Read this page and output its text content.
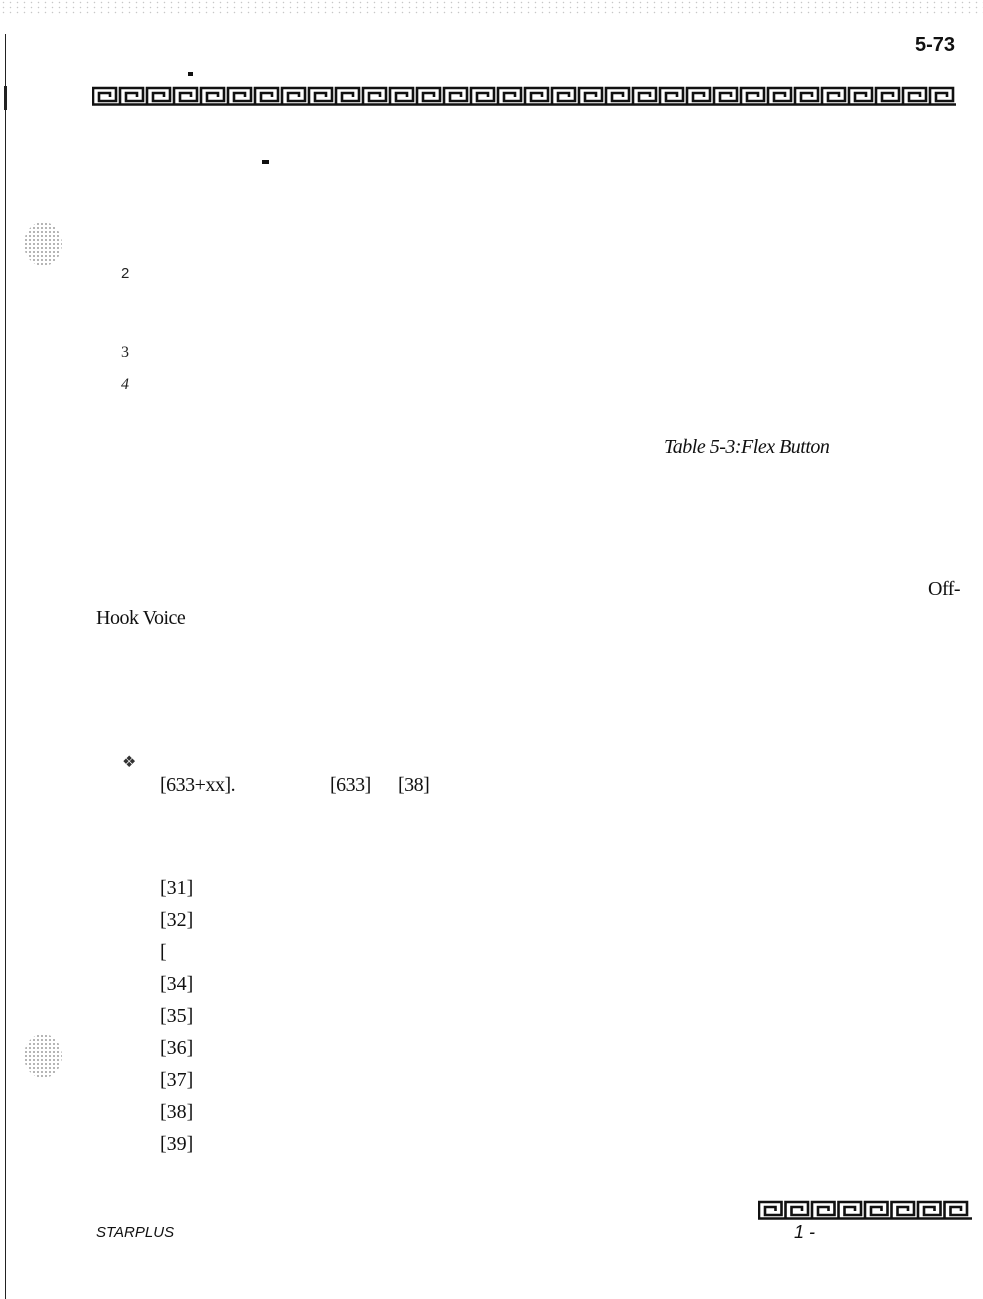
5-73
2
3
4
Table 5-3:Flex Button
Off-
Hook Voice
❖
[633+xx].	[633] [38]
[31]
[32]
[
[34]
[35]
[36]
[37]
[38]
[39]
STARPLUS	1 -
